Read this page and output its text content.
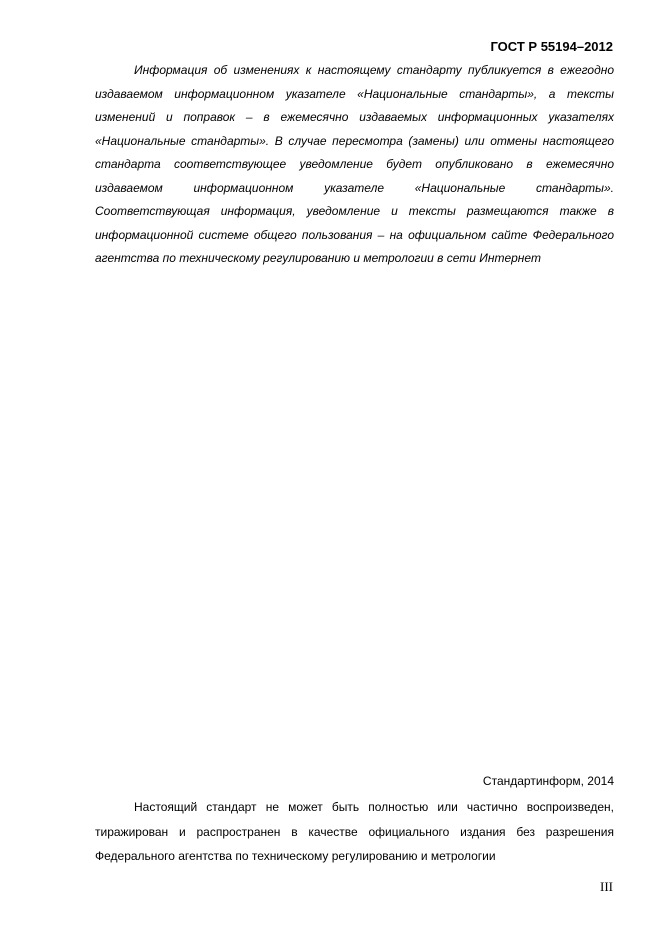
ГОСТ Р 55194–2012

Информация об изменениях к настоящему стандарту публикуется в ежегодно издаваемом информационном указателе «Национальные стандарты», а тексты изменений и поправок – в ежемесячно издаваемых информационных указателях «Национальные стандарты». В случае пересмотра (замены) или отмены настоящего стандарта соответствующее уведомление будет опубликовано в ежемесячно издаваемом информационном указателе «Национальные стандарты». Соответствующая информация, уведомление и тексты размещаются также в информационной системе общего пользования – на официальном сайте Федерального агентства по техническому регулированию и метрологии в сети Интернет

Стандартинформ, 2014

Настоящий стандарт не может быть полностью или частично воспроизведен, тиражирован и распространен в качестве официального издания без разрешения Федерального агентства по техническому регулированию и метрологии

III
